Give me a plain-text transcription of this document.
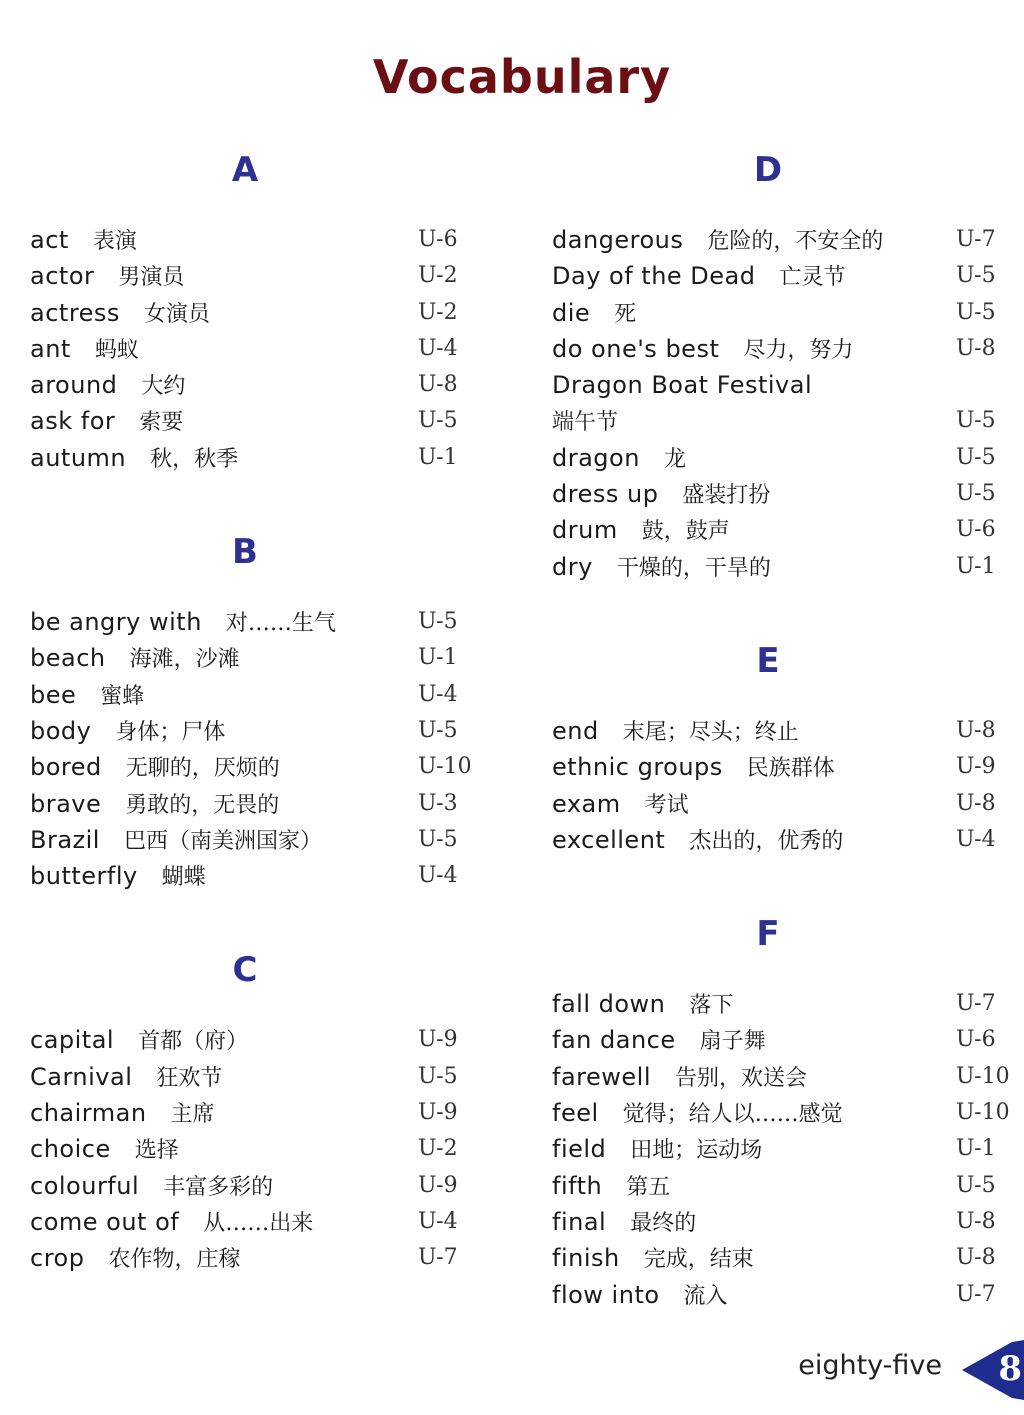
Vocabulary
A
act 表演	U-6
actor 男演员	U-2
actress 女演员	U-2
ant 蚂蚁	U-4
around 大约	U-8
ask for 索要	U-5
autumn 秋，秋季	U-1
B
be angry with 对……生气	U-5
beach 海滩，沙滩	U-1
bee 蜜蜂	U-4
body 身体；尸体	U-5
bored 无聊的，厌烦的	U-10
brave 勇敢的，无畏的	U-3
Brazil 巴西（南美洲国家）	U-5
butterfly 蝴蝶	U-4
C
capital 首都（府）	U-9
Carnival 狂欢节	U-5
chairman 主席	U-9
choice 选择	U-2
colourful 丰富多彩的	U-9
come out of 从……出来	U-4
crop 农作物，庄稼	U-7
D
dangerous 危险的，不安全的	U-7
Day of the Dead 亡灵节	U-5
die 死	U-5
do one's best 尽力，努力	U-8
Dragon Boat Festival
端午节	U-5
dragon 龙	U-5
dress up 盛装打扮	U-5
drum 鼓，鼓声	U-6
dry 干燥的，干旱的	U-1
E
end 末尾；尽头；终止	U-8
ethnic groups 民族群体	U-9
exam 考试	U-8
excellent 杰出的，优秀的	U-4
F
fall down 落下	U-7
fan dance 扇子舞	U-6
farewell 告别，欢送会	U-10
feel 觉得；给人以……感觉	U-10
field 田地；运动场	U-1
fifth 第五	U-5
final 最终的	U-8
finish 完成，结束	U-8
flow into 流入	U-7
eighty-five 8
